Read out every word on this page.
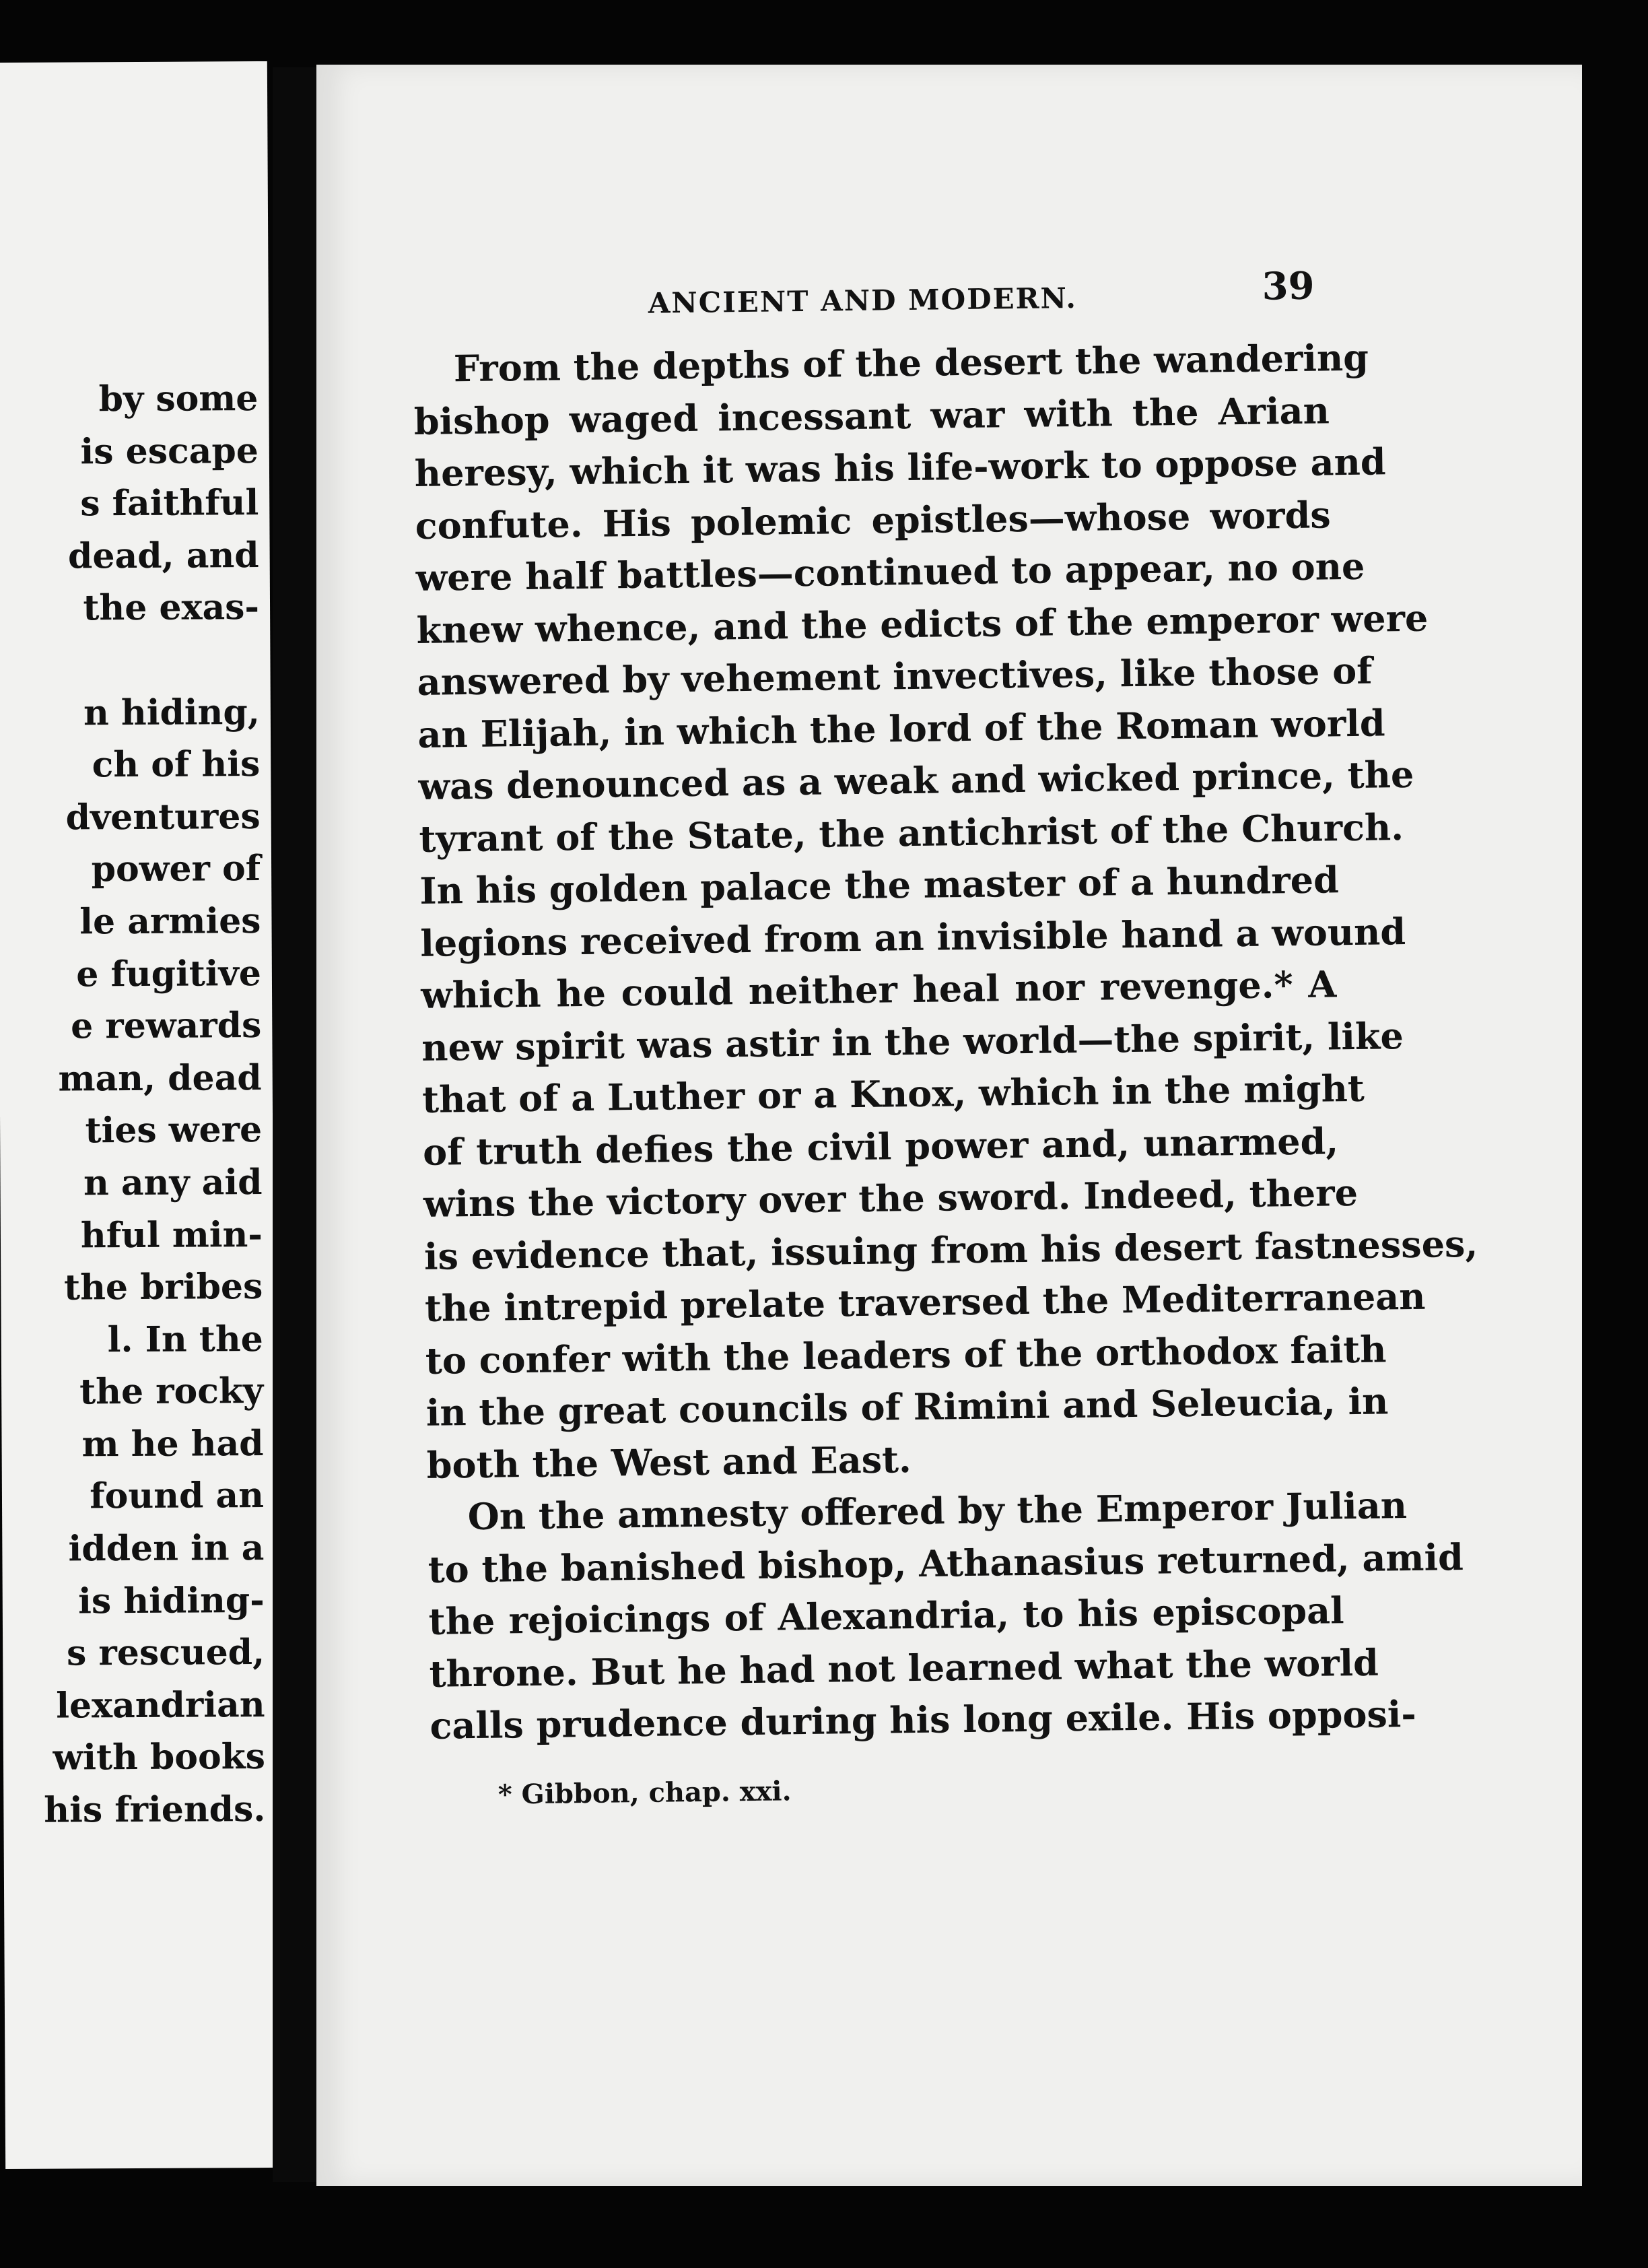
by some
is escape
s faithful
dead, and
the exas-

n hiding,
ch of his
dventures
power of
le armies
e fugitive
e rewards
man, dead
ties were
n any aid
hful min-
the bribes
l. In the
the rocky
m he had
found an
idden in a
is hiding-
s rescued,
lexandrian
with books
his friends.
ANCIENT AND MODERN.	39

From the depths of the desert the wandering
bishop waged incessant war with the Arian
heresy, which it was his life-work to oppose and
confute. His polemic epistles—whose words
were half battles—continued to appear, no one
knew whence, and the edicts of the emperor were
answered by vehement invectives, like those of
an Elijah, in which the lord of the Roman world
was denounced as a weak and wicked prince, the
tyrant of the State, the antichrist of the Church.
In his golden palace the master of a hundred
legions received from an invisible hand a wound
which he could neither heal nor revenge.* A
new spirit was astir in the world—the spirit, like
that of a Luther or a Knox, which in the might
of truth defies the civil power and, unarmed,
wins the victory over the sword. Indeed, there
is evidence that, issuing from his desert fastnesses,
the intrepid prelate traversed the Mediterranean
to confer with the leaders of the orthodox faith
in the great councils of Rimini and Seleucia, in
both the West and East.

On the amnesty offered by the Emperor Julian
to the banished bishop, Athanasius returned, amid
the rejoicings of Alexandria, to his episcopal
throne. But he had not learned what the world
calls prudence during his long exile. His opposi-

* Gibbon, chap. xxi.
